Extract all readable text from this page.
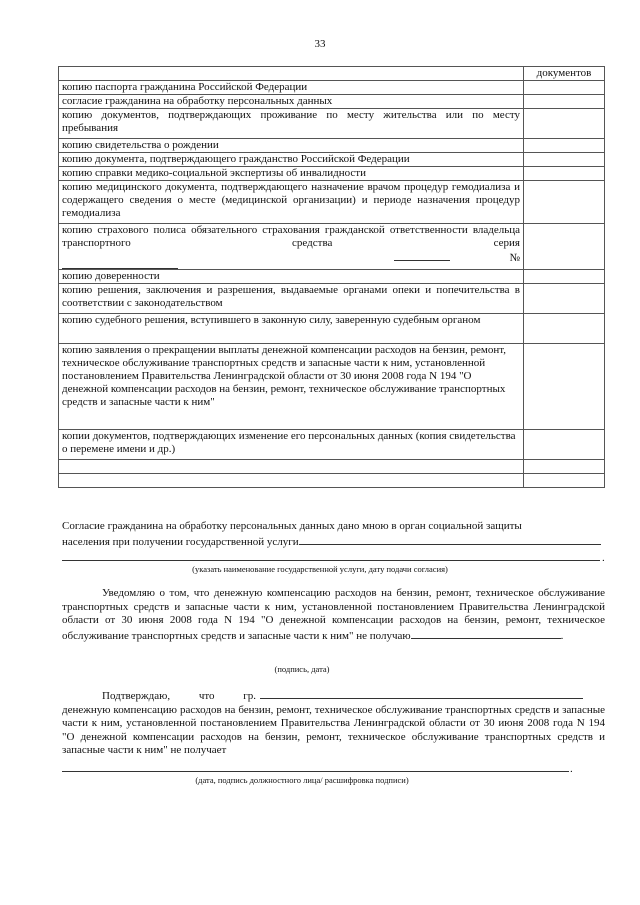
33
	документов
копию паспорта гражданина Российской Федерации	
согласие гражданина на обработку персональных данных	
копию документов, подтверждающих проживание по месту жительства или по месту пребывания	
копию свидетельства о рождении	
копию документа, подтверждающего гражданство Российской Федерации	
копию справки медико-социальной экспертизы об инвалидности	
копию медицинского документа, подтверждающего назначение врачом процедур гемодиализа и содержащего сведения о месте (медицинской организации) и периоде назначения процедур гемодиализа	

копию страхового полиса обязательного страхования гражданской ответственности владельца транспортного средства серия
№	

копию доверенности	
копию решения, заключения и разрешения, выдаваемые органами опеки и попечительства в соответствии с законодательством	
копию судебного решения, вступившего в законную силу, заверенную судебным органом	
копию заявления о прекращении выплаты денежной компенсации расходов на бензин, ремонт, техническое обслуживание транспортных средств и запасные части к ним, установленной постановлением Правительства Ленинградской области от 30 июня 2008 года N 194 "О денежной компенсации расходов на бензин, ремонт, техническое обслуживание транспортных средств и запасные части к ним"	
копии документов, подтверждающих изменение его персональных данных (копия свидетельства о перемене имени и др.)	

Согласие гражданина на обработку персональных данных дано мною в орган социальной защиты
населения при получении государственной услуги
.
(указать наименование государственной услуги, дату подачи согласия)
Уведомляю о том, что денежную компенсацию расходов на бензин, ремонт, техническое обслуживание транспортных средств и запасные части к ним, установленной постановлением Правительства Ленинградской области от 30 июня 2008 года N 194 "О денежной компенсации расходов на бензин, ремонт, техническое обслуживание транспортных средств и запасные части к ним" не получаю	.
(подпись, дата)
Подтверждаю, что гр.
денежную компенсацию расходов на бензин, ремонт, техническое обслуживание транспортных средств и запасные части к ним, установленной постановлением Правительства Ленинградской области от 30 июня 2008 года N 194 "О денежной компенсации расходов на бензин, ремонт, техническое обслуживание транспортных средств и запасные части к ним" не получает
.
(дата, подпись должностного лица/ расшифровка подписи)
